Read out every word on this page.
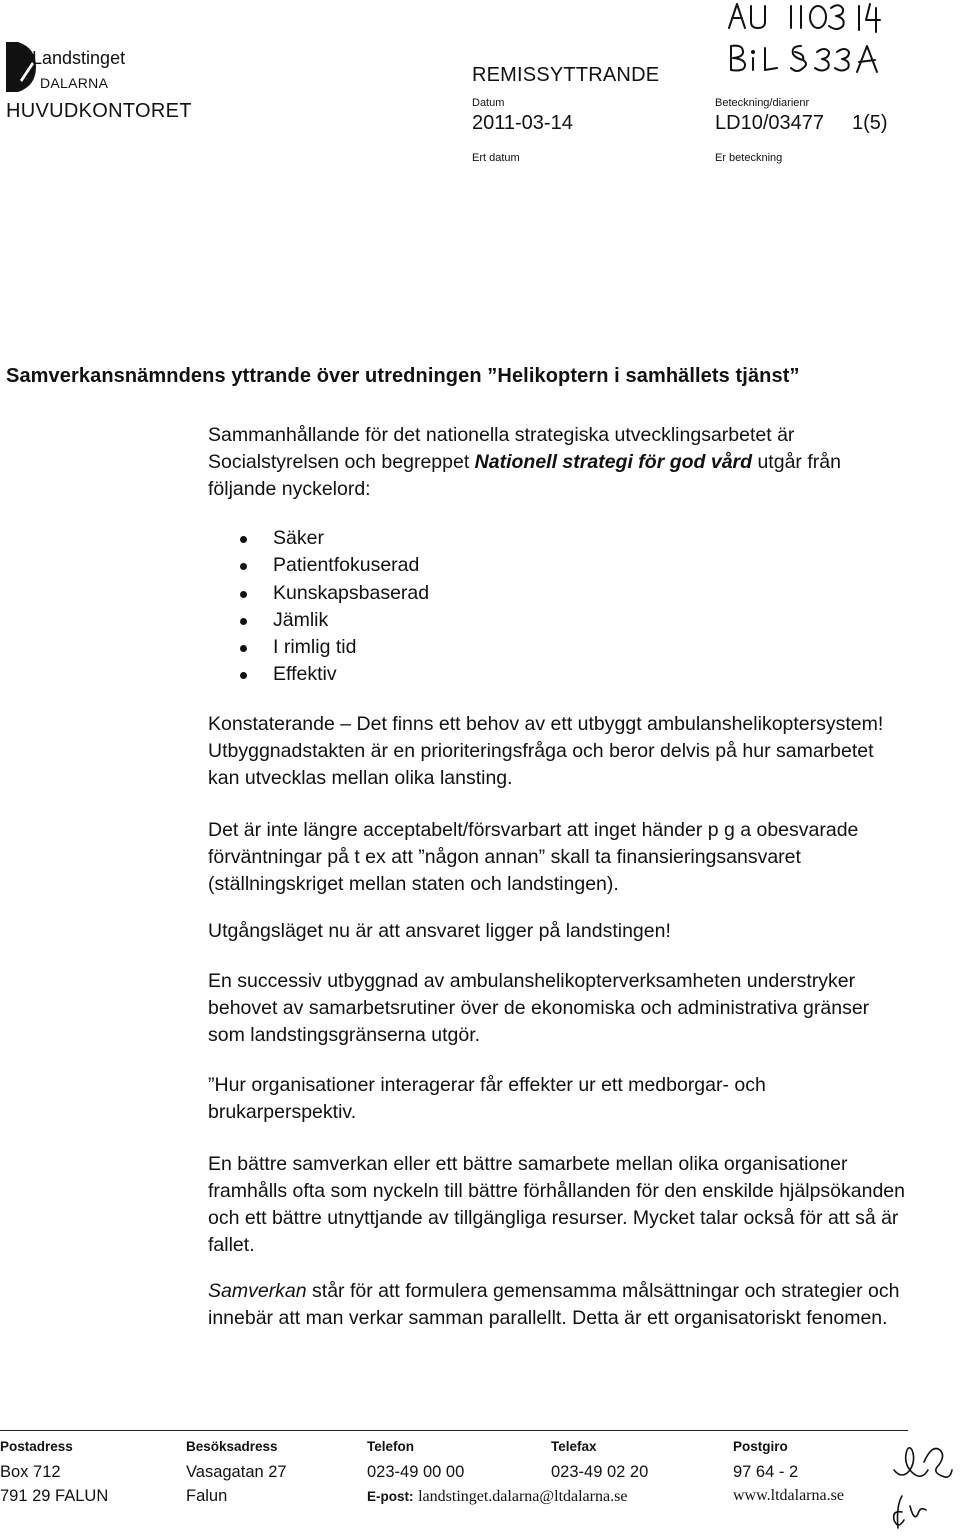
Landstinget
DALARNA
HUVUDKONTORET
REMISSYTTRANDE
Datum
2011-03-14
Ert datum
Beteckning/diarienr
LD10/03477 1(5)
Er beteckning
Samverkansnämndens yttrande över utredningen ”Helikoptern i samhällets tjänst”
Sammanhållande för det nationella strategiska utvecklingsarbetet är Socialstyrelsen och begreppet Nationell strategi för god vård utgår från följande nyckelord:
Säker
Patientfokuserad
Kunskapsbaserad
Jämlik
I rimlig tid
Effektiv
Konstaterande – Det finns ett behov av ett utbyggt ambulanshelikoptersystem! Utbyggnadstakten är en prioriteringsfråga och beror delvis på hur samarbetet kan utvecklas mellan olika lansting.
Det är inte längre acceptabelt/försvarbart att inget händer p g a obesvarade förväntningar på t ex att ”någon annan” skall ta finansieringsansvaret (ställningskriget mellan staten och landstingen).
Utgångsläget nu är att ansvaret ligger på landstingen!
En successiv utbyggnad av ambulanshelikopterverksamheten understryker behovet av samarbetsrutiner över de ekonomiska och administrativa gränser som landstingsgränserna utgör.
”Hur organisationer interagerar får effekter ur ett medborgar- och brukarperspektiv.
En bättre samverkan eller ett bättre samarbete mellan olika organisationer framhålls ofta som nyckeln till bättre förhållanden för den enskilde hjälpsökanden och ett bättre utnyttjande av tillgängliga resurser. Mycket talar också för att så är fallet.
Samverkan står för att formulera gemensamma målsättningar och strategier och innebär att man verkar samman parallellt. Detta är ett organisatoriskt fenomen.
Postadress
Box 712
791 29 FALUN
Besöksadress
Vasagatan 27
Falun
Telefon
023-49 00 00
E-post: landstinget.dalarna@ltdalarna.se
Telefax
023-49 02 20
Postgiro
97 64 - 2
www.ltdalarna.se
